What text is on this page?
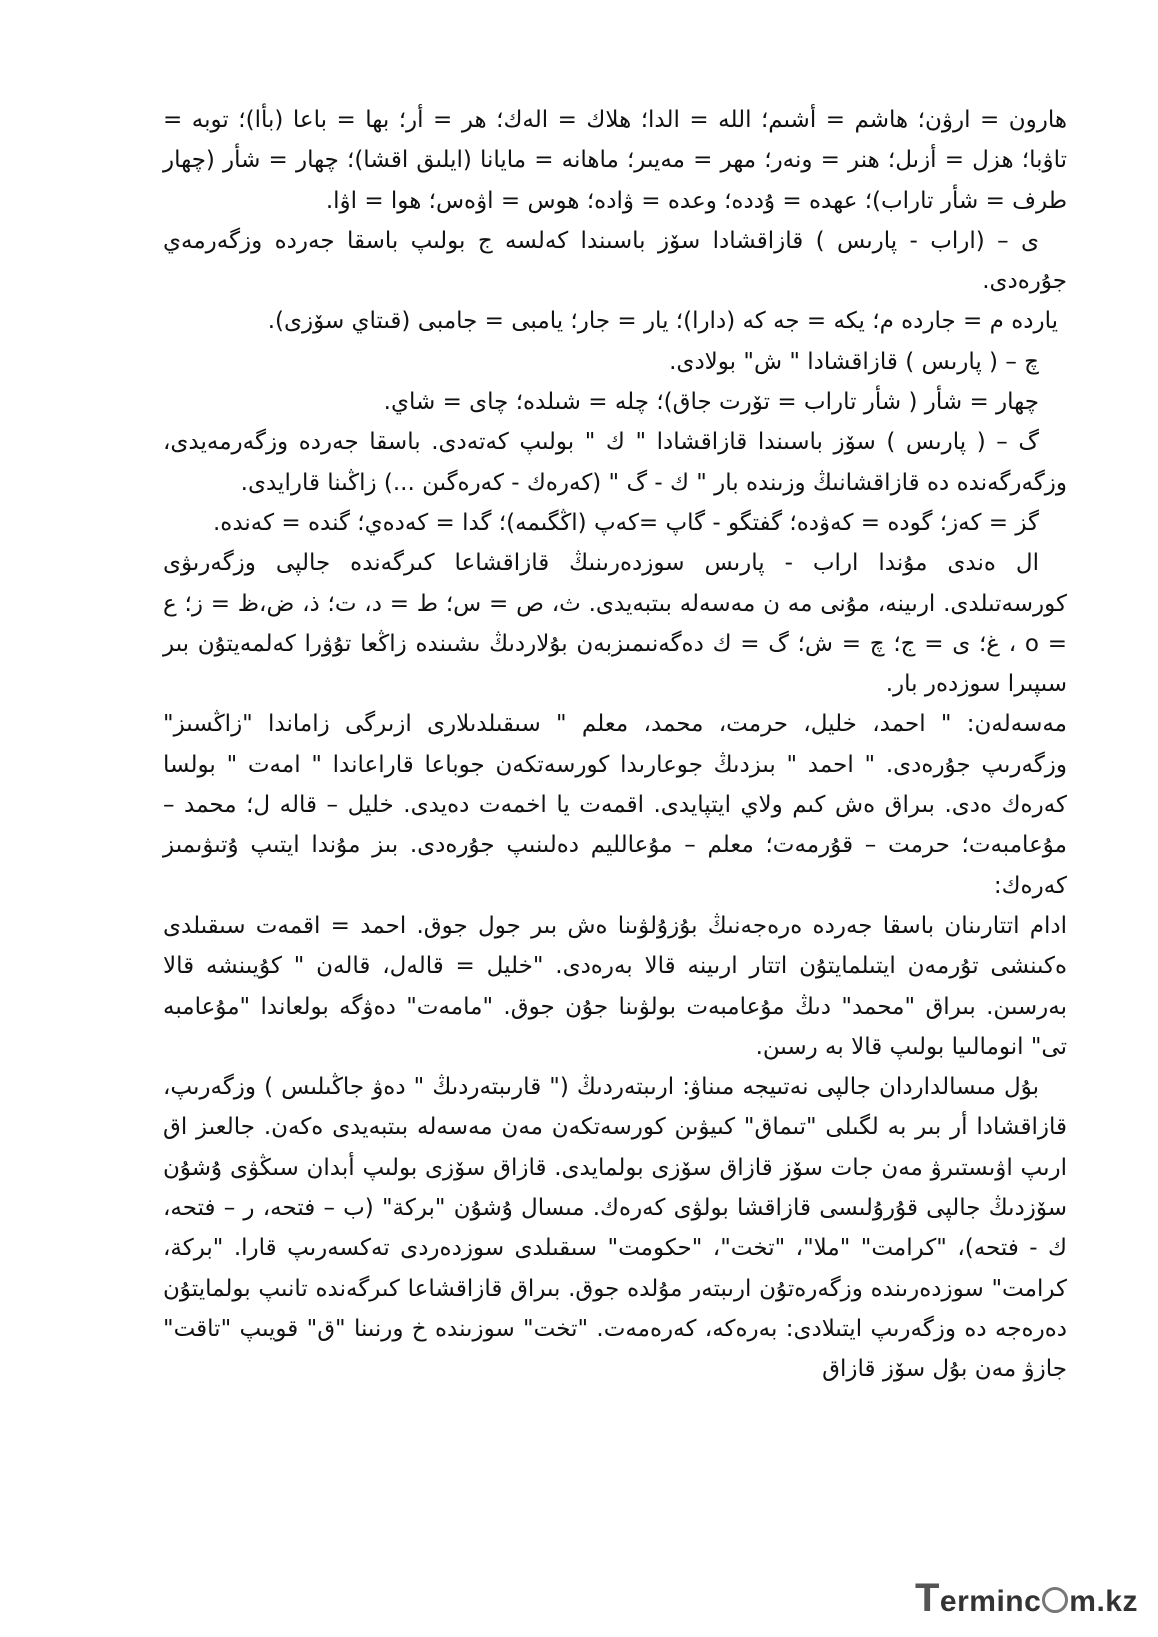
هارون = ارۋن؛ هاشم = أشىم؛ الله = الدا؛ هلاك = الەك؛ هر = أر؛ بها = باعا (بأا)؛ توبه = تاۋبا؛ هزل = أزىل؛ هنر = ونەر؛ مهر = مەيىر؛ ماهانه = مايانا (ايلىق اقشا)؛ چهار = شأر (چهار طرف = شأر تاراب)؛ عهده = ۇددە؛ وعده = ۋادە؛ هوس = اۋەس؛ هوا = اۋا.

ى – (اراب - پارىس ) قازاقشادا سۆز باسىندا كەلسە ج بولىپ باسقا جەردە وزگەرمەي جۇرەدى.

يارده م = جارده م؛ يكه = جه كه (دارا)؛ يار = جار؛ يامبى = جامبى (قىتاي سۆزى).

چ – ( پارىس ) قازاقشادا " ش" بولادى.

چهار = شأر ( شأر تاراب = تۆرت جاق)؛ چله = شىلدە؛ چاى = شاي.

گ – ( پارىس ) سۆز باسىندا قازاقشادا " ك " بولىپ كەتەدى. باسقا جەردە وزگەرمەيدى، وزگەرگەندە دە قازاقشانىڭ وزىندە بار " ك - گ " (كەرەك - كەرەگىن ...) زاڭىنا قارايدى.

گز = كەز؛ گوده = كەۋدە؛ گفتگو - گاپ =كەپ (اڭگىمە)؛ گدا = كەدەي؛ گنده = كەندە.

ال ەندى مۇندا اراب - پارىس سوزدەرىنىڭ قازاقشاعا كىرگەندە جالپى وزگەرىۋى كورسەتىلدى. ارىينە، مۇنى مە ن مەسەلە بىتبەيدى. ث، ص = س؛ ط = د، ت؛ ذ، ض،ظ = ز؛ ع = o ، غ؛ ى = ج؛ چ = ش؛ گ = ك دەگەنىمىزبەن بۇلاردىڭ ىشىندە زاڭعا تۇۋرا كەلمەيتۇن بىر سىپىرا سوزدەر بار.

مەسەلەن: " احمد، خليل، حرمت، محمد، معلم " سىقىلدىلارى ازىرگى زاماندا "زاڭسىز" وزگەرىپ جۇرەدى. " احمد " بىزدىڭ جوعارىدا كورسەتكەن جوباعا قاراعاندا " امەت " بولسا كەرەك ەدى. بىراق ەش كىم ولاي ايتپايدى. اقمەت يا اخمەت دەيدى. خليل – قالە ل؛ محمد – مۇعامبەت؛ حرمت – قۇرمەت؛ معلم – مۇعالليم دەلىنىپ جۇرەدى. بىز مۇندا ايتىپ ۇتىۋىمىز كەرەك:

ادام اتتارىنان باسقا جەردە ەرەجەنىڭ بۇزۇلۋىنا ەش بىر جول جوق. احمد = اقمەت سىقىلدى ەكىنشى تۇرمەن ايتىلمايتۇن اتتار ارىينە قالا بەرەدى. "خليل = قالەل، قالەن " كۇيىنشە قالا بەرسىن. بىراق "محمد" دىڭ مۇعامبەت بولۋىنا جۇن جوق. "مامەت" دەۋگە بولعاندا "مۇعامبە تى" انومالىيا بولىپ قالا بە رسىن.

بۇل مىسالداردان جالپى نەتىيجە مىناۋ: ارىبتەردىڭ (" قارىبتەردىڭ " دەۋ جاڭىلىس ) وزگەرىپ، قازاقشادا أر بىر بە لگىلى "تىماق" كىيۋىن كورسەتكەن مەن مەسەلە بىتبەيدى ەكەن. جالعىز اق ارىپ اۋىستىرۋ مەن جات سۆز قازاق سۆزى بولمايدى. قازاق سۆزى بولىپ أبدان سىڭۋى ۇشۇن سۆزدىڭ جالپى قۇرۇلىسى قازاقشا بولۋى كەرەك. مىسال ۇشۇن "بركة" (ب – فتحه، ر – فتحه، ك - فتحه)، "كرامت" "ملا"، "تخت"، "حكومت" سىقىلدى سوزدەردى تەكسەرىپ قارا. "بركة، كرامت" سوزدەرىندە وزگەرەتۇن ارىبتەر مۇلدە جوق. بىراق قازاقشاعا كىرگەندە تانىپ بولمايتۇن دەرەجە دە وزگەرىپ ايتىلادى: بەرەكە، كەرەمەت. "تخت" سوزىندە خ ورنىنا "ق" قويىپ "تاقت" جازۋ مەن بۇل سۆز قازاق

Terminc m.kz
